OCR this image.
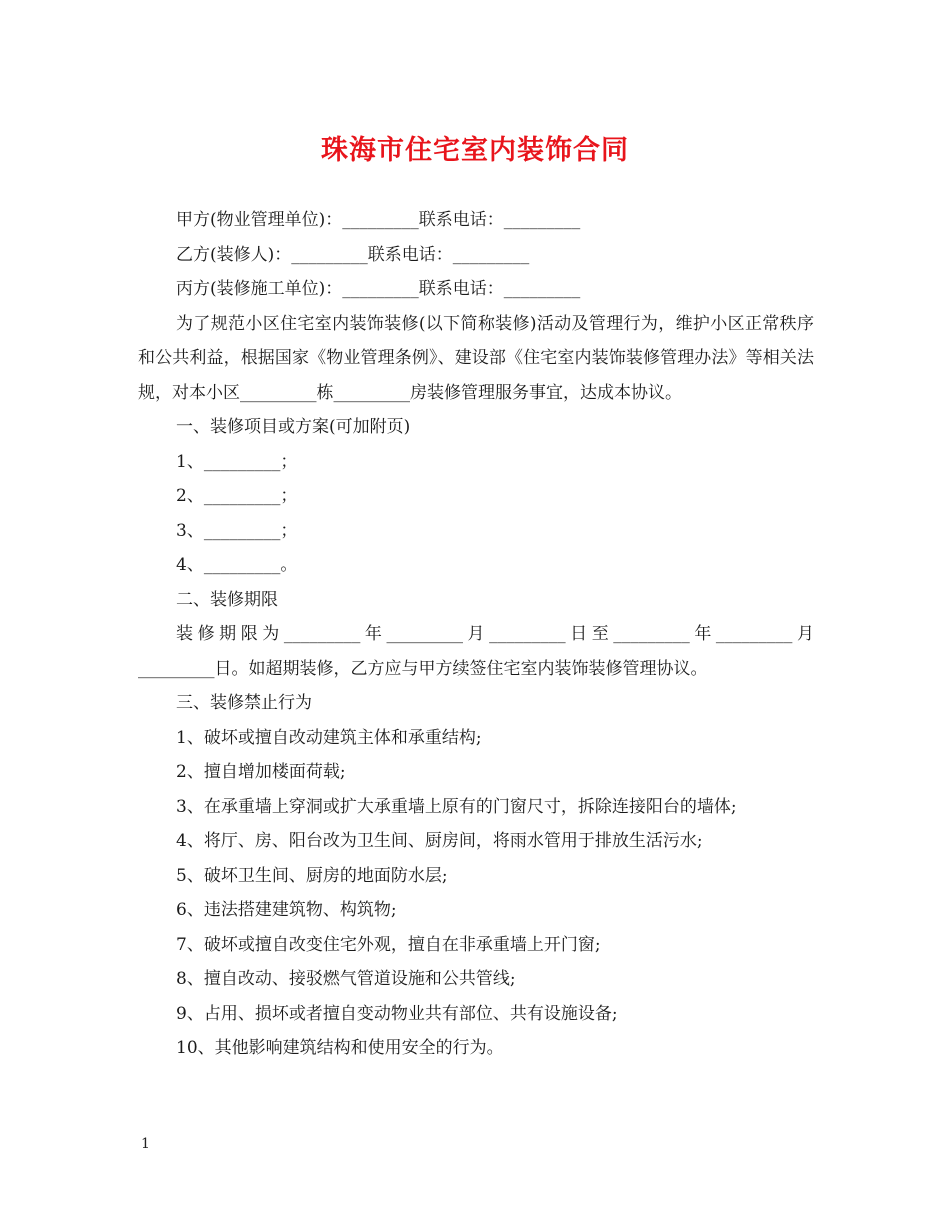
珠海市住宅室内装饰合同

甲方(物业管理单位)：_________联系电话：_________

乙方(装修人)：_________联系电话：_________

丙方(装修施工单位)：_________联系电话：_________

为了规范小区住宅室内装饰装修(以下简称装修)活动及管理行为，维护小区正常秩序和公共利益，根据国家《物业管理条例》、建设部《住宅室内装饰装修管理办法》等相关法规，对本小区_________栋_________房装修管理服务事宜，达成本协议。

一、装修项目或方案(可加附页)

1、_________；

2、_________；

3、_________；

4、_________。

二、装修期限

装修期限为_________年_________月_________日至_________年_________月_________日。如超期装修，乙方应与甲方续签住宅室内装饰装修管理协议。

三、装修禁止行为

1、破坏或擅自改动建筑主体和承重结构;

2、擅自增加楼面荷载;

3、在承重墙上穿洞或扩大承重墙上原有的门窗尺寸，拆除连接阳台的墙体;

4、将厅、房、阳台改为卫生间、厨房间，将雨水管用于排放生活污水;

5、破坏卫生间、厨房的地面防水层;

6、违法搭建建筑物、构筑物;

7、破坏或擅自改变住宅外观，擅自在非承重墙上开门窗;

8、擅自改动、接驳燃气管道设施和公共管线;

9、占用、损坏或者擅自变动物业共有部位、共有设施设备;

10、其他影响建筑结构和使用安全的行为。

1
